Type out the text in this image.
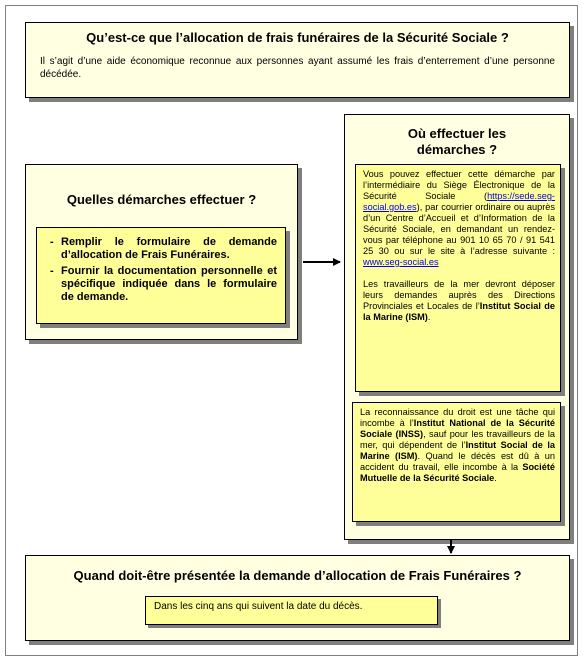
Qu’est-ce que l’allocation de frais funéraires de la Sécurité Sociale ?
Il s’agit d’une aide économique reconnue aux personnes ayant assumé les frais d’enterrement d’une personne décédée.
Quelles démarches effectuer ?
- Remplir le formulaire de demande d’allocation de Frais Funéraires.
- Fournir la documentation personnelle et spécifique indiquée dans le formulaire de demande.
Où effectuer les
démarches ?

Vous pouvez effectuer cette démarche par l’intermédiaire du Siège Électronique de la Sécurité Sociale (https://sede.seg-social.gob.es), par courrier ordinaire ou auprès d’un Centre d’Accueil et d’Information de la Sécurité Sociale, en demandant un rendez-vous par téléphone au 901 10 65 70 / 91 541 25 30 ou sur le site à l’adresse suivante : www.seg-social.es

Les travailleurs de la mer devront déposer leurs demandes auprès des Directions Provinciales et Locales de l’Institut Social de la Marine (ISM).

La reconnaissance du droit est une tâche qui incombe à l’Institut National de la Sécurité Sociale (INSS), sauf pour les travailleurs de la mer, qui dépendent de l’Institut Social de la Marine (ISM). Quand le décès est dû à un accident du travail, elle incombe à la Société Mutuelle de la Sécurité Sociale.

Quand doit-être présentée la demande d’allocation de Frais Funéraires ?
Dans les cinq ans qui suivent la date du décès.
